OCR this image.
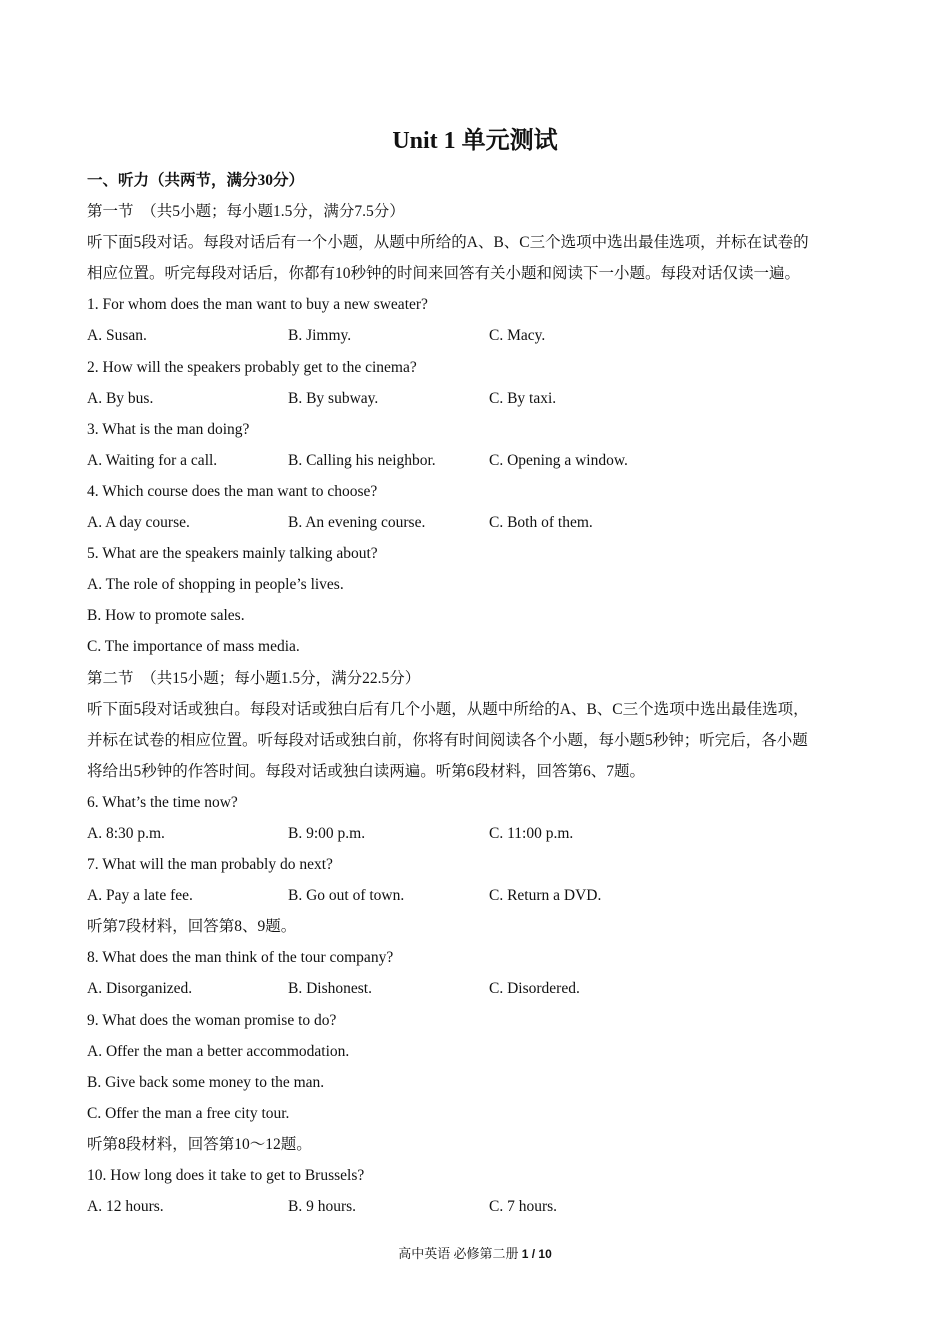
Unit 1 单元测试
一、听力（共两节，满分30分）
第一节　（共5小题；每小题1.5分，满分7.5分）
听下面5段对话。每段对话后有一个小题，从题中所给的A、B、C三个选项中选出最佳选项，并标在试卷的
相应位置。听完每段对话后，你都有10秒钟的时间来回答有关小题和阅读下一小题。每段对话仅读一遍。
1. For whom does the man want to buy a new sweater?
A. Susan.	B. Jimmy.	C. Macy.
2. How will the speakers probably get to the cinema?
A. By bus.	B. By subway.	C. By taxi.
3. What is the man doing?
A. Waiting for a call.	B. Calling his neighbor.	C. Opening a window.
4. Which course does the man want to choose?
A. A day course.	B. An evening course.	C. Both of them.
5. What are the speakers mainly talking about?
A. The role of shopping in people’s lives.
B. How to promote sales.
C. The importance of mass media.
第二节　（共15小题；每小题1.5分，满分22.5分）
听下面5段对话或独白。每段对话或独白后有几个小题，从题中所给的A、B、C三个选项中选出最佳选项，
并标在试卷的相应位置。听每段对话或独白前，你将有时间阅读各个小题，每小题5秒钟；听完后，各小题
将给出5秒钟的作答时间。每段对话或独白读两遍。听第6段材料，回答第6、7题。
6. What’s the time now?
A. 8:30 p.m.	B. 9:00 p.m.	C. 11:00 p.m.
7. What will the man probably do next?
A. Pay a late fee.	B. Go out of town.	C. Return a DVD.
听第7段材料，回答第8、9题。
8. What does the man think of the tour company?
A. Disorganized.	B. Dishonest.	C. Disordered.
9. What does the woman promise to do?
A. Offer the man a better accommodation.
B. Give back some money to the man.
C. Offer the man a free city tour.
听第8段材料，回答第10～12题。
10. How long does it take to get to Brussels?
A. 12 hours.	B. 9 hours.	C. 7 hours.
高中英语 必修第二册 1 / 10
